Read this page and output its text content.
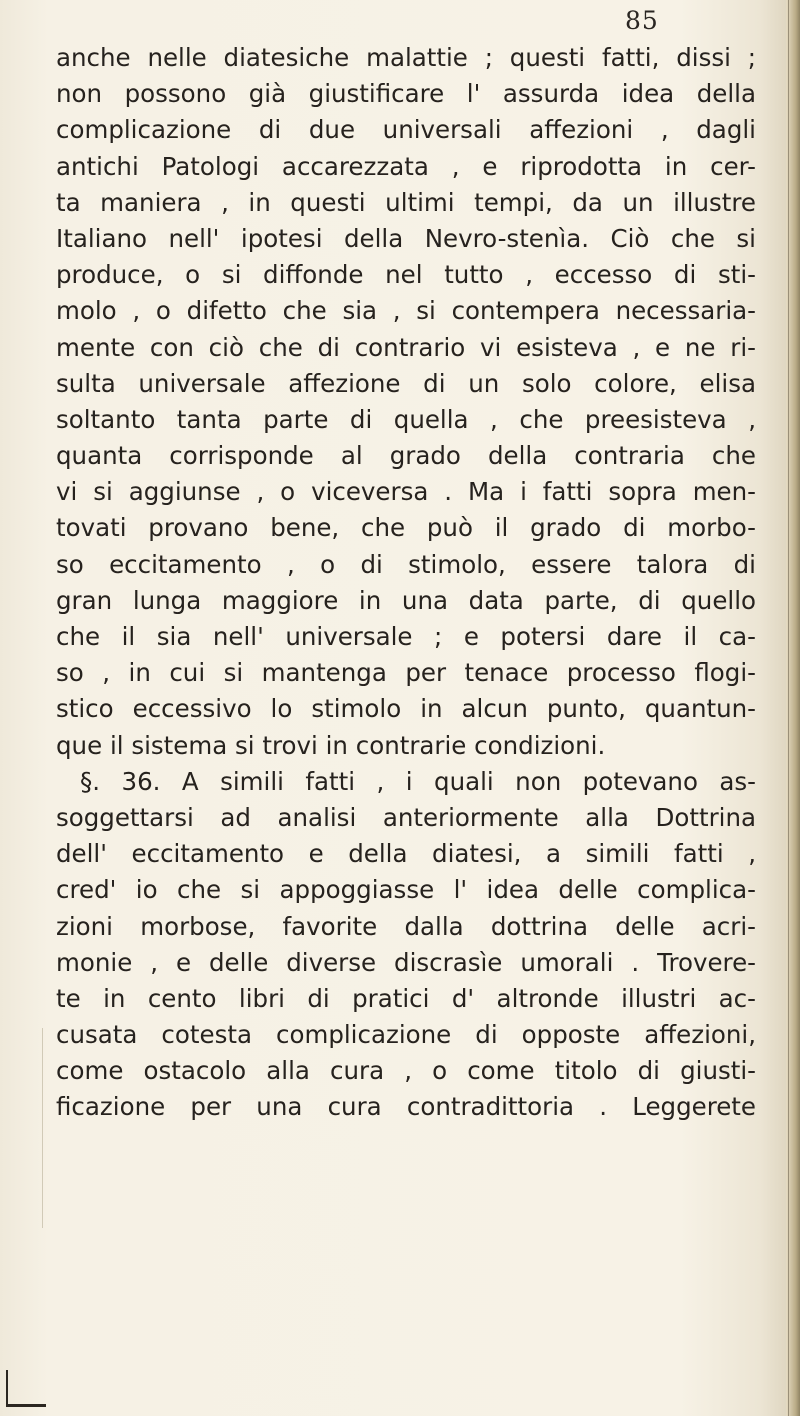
85
anche nelle diatesiche malattie ; questi fatti, dissi ;
non possono già giustificare l' assurda idea della
complicazione di due universali affezioni , dagli
antichi Patologi accarezzata , e riprodotta in cer-
ta maniera , in questi ultimi tempi, da un illustre
Italiano nell' ipotesi della Nevro-stenìa. Ciò che si
produce, o si diffonde nel tutto , eccesso di sti-
molo , o difetto che sia , si contempera necessaria-
mente con ciò che di contrario vi esisteva , e ne ri-
sulta universale affezione di un solo colore, elisa
soltanto tanta parte di quella , che preesisteva ,
quanta corrisponde al grado della contraria che
vi si aggiunse , o viceversa . Ma i fatti sopra men-
tovati provano bene, che può il grado di morbo-
so eccitamento , o di stimolo, essere talora di
gran lunga maggiore in una data parte, di quello
che il sia nell' universale ; e potersi dare il ca-
so , in cui si mantenga per tenace processo flogi-
stico eccessivo lo stimolo in alcun punto, quantun-
que il sistema si trovi in contrarie condizioni.
§. 36. A simili fatti , i quali non potevano as-
soggettarsi ad analisi anteriormente alla Dottrina
dell' eccitamento e della diatesi, a simili fatti ,
cred' io che si appoggiasse l' idea delle complica-
zioni morbose, favorite dalla dottrina delle acri-
monie , e delle diverse discrasìe umorali . Trovere-
te in cento libri di pratici d' altronde illustri ac-
cusata cotesta complicazione di opposte affezioni,
come ostacolo alla cura , o come titolo di giusti-
ficazione per una cura contradittoria . Leggerete
